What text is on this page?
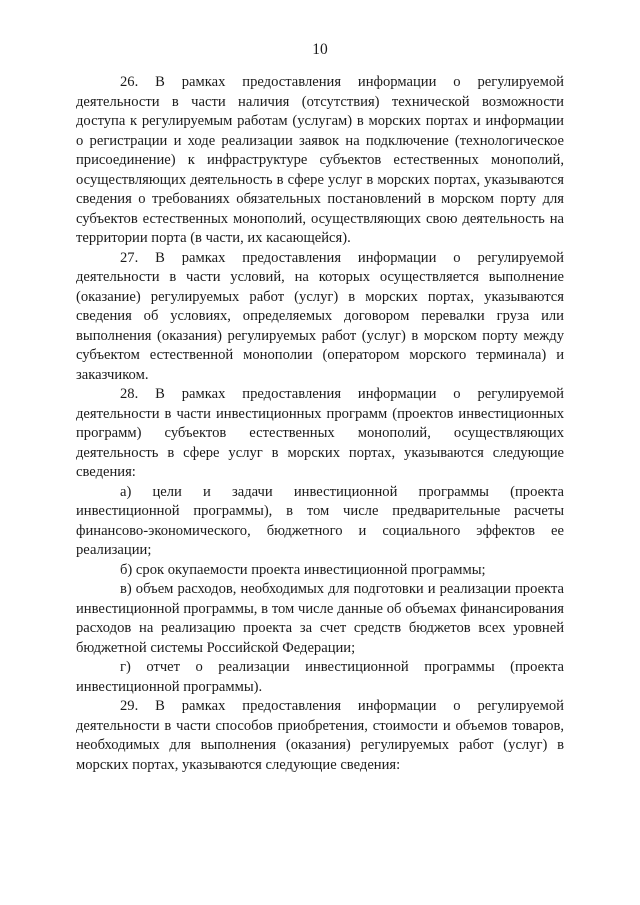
10

26. В рамках предоставления информации о регулируемой деятельности в части наличия (отсутствия) технической возможности доступа к регулируемым работам (услугам) в морских портах и информации о регистрации и ходе реализации заявок на подключение (технологическое присоединение) к инфраструктуре субъектов естественных монополий, осуществляющих деятельность в сфере услуг в морских портах, указываются сведения о требованиях обязательных постановлений в морском порту для субъектов естественных монополий, осуществляющих свою деятельность на территории порта (в части, их касающейся).

27. В рамках предоставления информации о регулируемой деятельности в части условий, на которых осуществляется выполнение (оказание) регулируемых работ (услуг) в морских портах, указываются сведения об условиях, определяемых договором перевалки груза или выполнения (оказания) регулируемых работ (услуг) в морском порту между субъектом естественной монополии (оператором морского терминала) и заказчиком.

28. В рамках предоставления информации о регулируемой деятельности в части инвестиционных программ (проектов инвестиционных программ) субъектов естественных монополий, осуществляющих деятельность в сфере услуг в морских портах, указываются следующие сведения:

а) цели и задачи инвестиционной программы (проекта инвестиционной программы), в том числе предварительные расчеты финансово-экономического, бюджетного и социального эффектов ее реализации;

б) срок окупаемости проекта инвестиционной программы;

в) объем расходов, необходимых для подготовки и реализации проекта инвестиционной программы, в том числе данные об объемах финансирования расходов на реализацию проекта за счет средств бюджетов всех уровней бюджетной системы Российской Федерации;

г) отчет о реализации инвестиционной программы (проекта инвестиционной программы).

29. В рамках предоставления информации о регулируемой деятельности в части способов приобретения, стоимости и объемов товаров, необходимых для выполнения (оказания) регулируемых работ (услуг) в морских портах, указываются следующие сведения:
